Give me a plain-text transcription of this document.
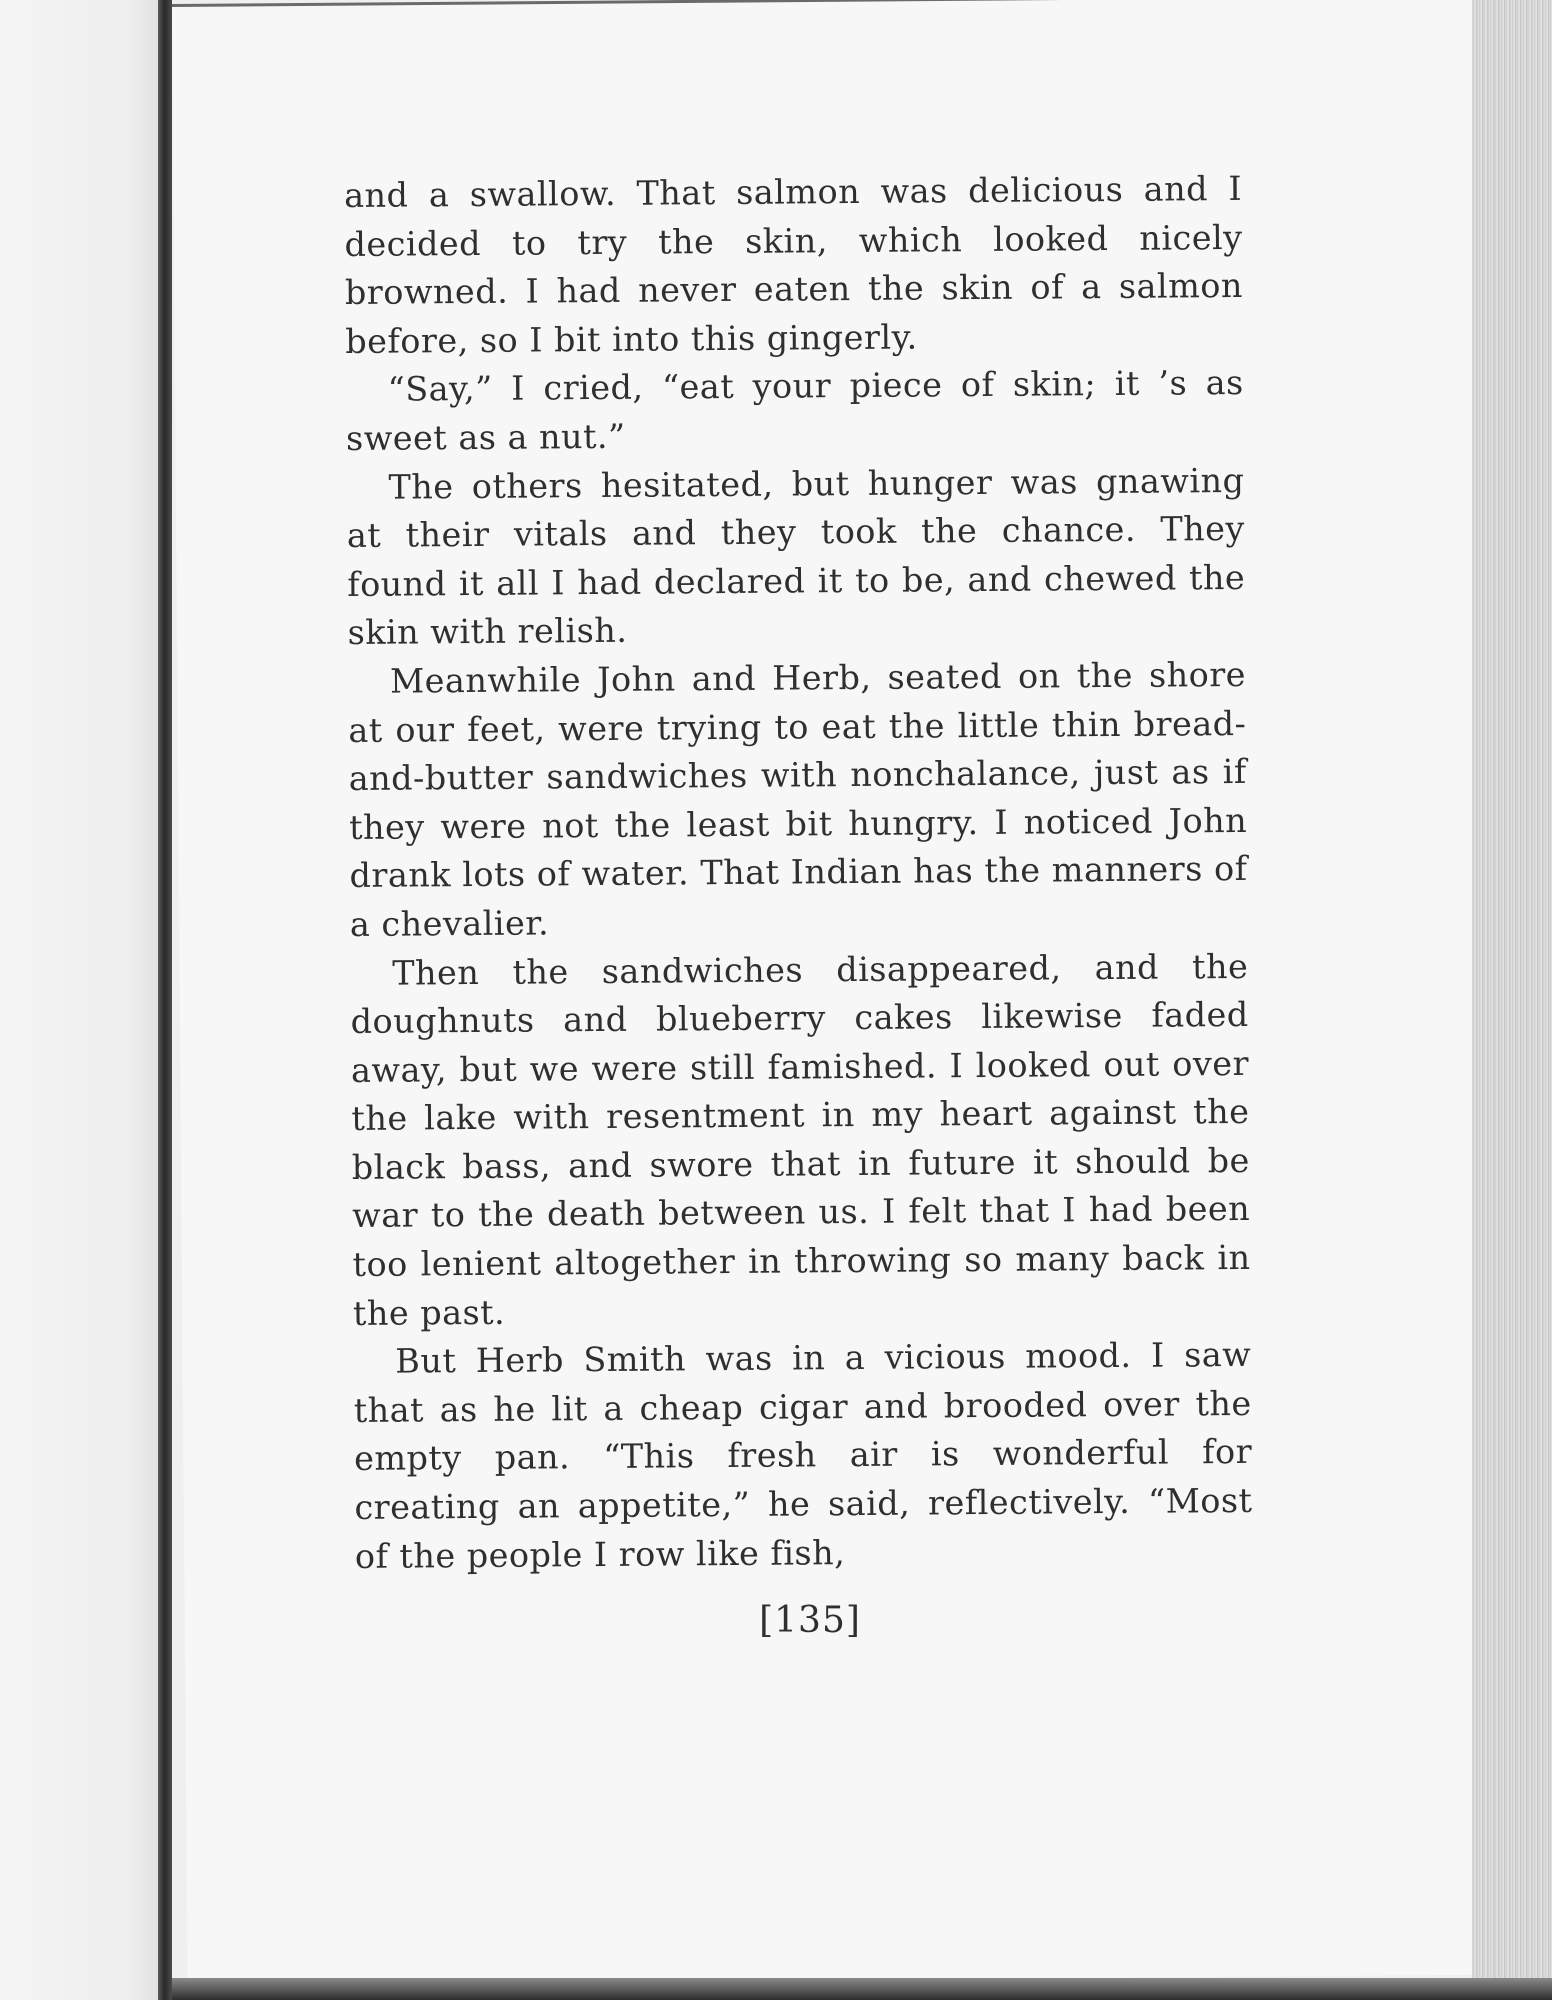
and a swallow. That salmon was delicious and I decided to try the skin, which looked nicely browned. I had never eaten the skin of a salmon before, so I bit into this gingerly.

“Say,” I cried, “eat your piece of skin; it ’s as sweet as a nut.”

The others hesitated, but hunger was gnawing at their vitals and they took the chance. They found it all I had declared it to be, and chewed the skin with relish.

Meanwhile John and Herb, seated on the shore at our feet, were trying to eat the little thin bread-and-butter sandwiches with nonchalance, just as if they were not the least bit hungry. I noticed John drank lots of water. That Indian has the manners of a chevalier.

Then the sandwiches disappeared, and the doughnuts and blueberry cakes likewise faded away, but we were still famished. I looked out over the lake with resentment in my heart against the black bass, and swore that in future it should be war to the death between us. I felt that I had been too lenient altogether in throwing so many back in the past.

But Herb Smith was in a vicious mood. I saw that as he lit a cheap cigar and brooded over the empty pan. “This fresh air is wonderful for creating an appetite,” he said, reflectively. “Most of the people I row like fish,

[135]
